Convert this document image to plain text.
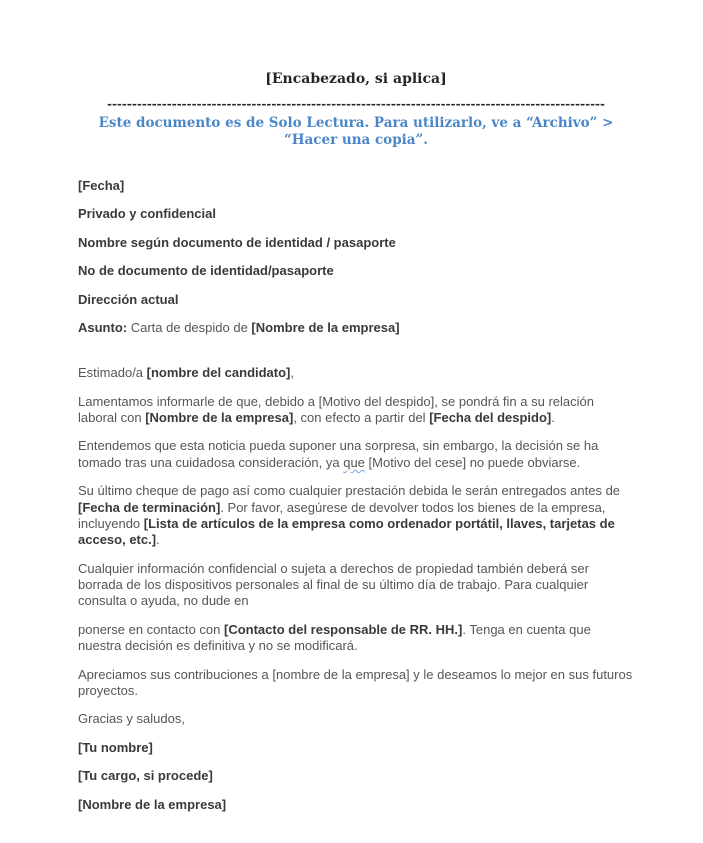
[Encabezado, si aplica]
----------------------------------------------------------------------------------------------------
Este documento es de Solo Lectura. Para utilizarlo, ve a “Archivo” > “Hacer una copia”.

[Fecha]

Privado y confidencial

Nombre según documento de identidad / pasaporte

No de documento de identidad/pasaporte

Dirección actual

Asunto: Carta de despido de [Nombre de la empresa]

Estimado/a [nombre del candidato],

Lamentamos informarle de que, debido a [Motivo del despido], se pondrá fin a su relación laboral con [Nombre de la empresa], con efecto a partir del [Fecha del despido].

Entendemos que esta noticia pueda suponer una sorpresa, sin embargo, la decisión se ha tomado tras una cuidadosa consideración, ya que [Motivo del cese] no puede obviarse.

Su último cheque de pago así como cualquier prestación debida le serán entregados antes de [Fecha de terminación]. Por favor, asegúrese de devolver todos los bienes de la empresa, incluyendo [Lista de artículos de la empresa como ordenador portátil, llaves, tarjetas de acceso, etc.].

Cualquier información confidencial o sujeta a derechos de propiedad también deberá ser borrada de los dispositivos personales al final de su último día de trabajo. Para cualquier consulta o ayuda, no dude en

ponerse en contacto con [Contacto del responsable de RR. HH.]. Tenga en cuenta que nuestra decisión es definitiva y no se modificará.

Apreciamos sus contribuciones a [nombre de la empresa] y le deseamos lo mejor en sus futuros proyectos.

Gracias y saludos,

[Tu nombre]

[Tu cargo, si procede]

[Nombre de la empresa]
